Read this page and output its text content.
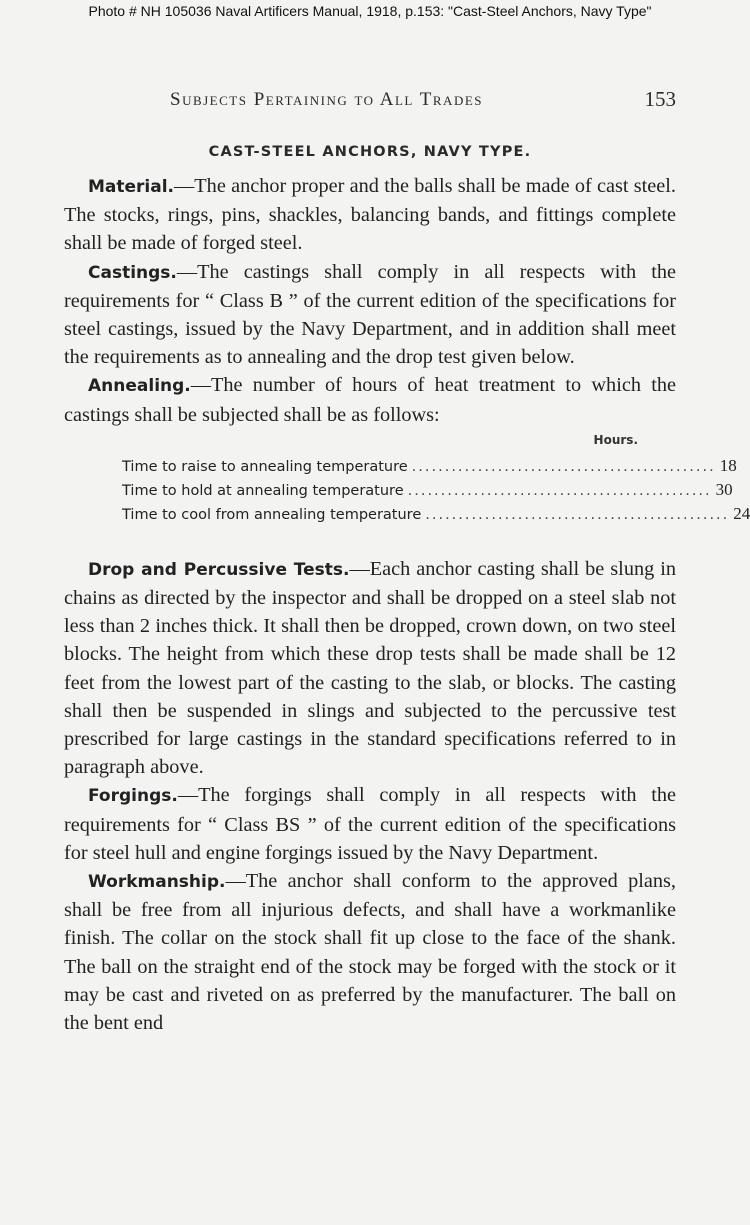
Photo # NH 105036 Naval Artificers Manual, 1918, p.153: "Cast-Steel Anchors, Navy Type"
Subjects Pertaining to All Trades	153
CAST-STEEL ANCHORS, NAVY TYPE.

Material.—The anchor proper and the balls shall be made of cast steel. The stocks, rings, pins, shackles, balancing bands, and fittings complete shall be made of forged steel.

Castings.—The castings shall comply in all respects with the requirements for “ Class B ” of the current edition of the specifications for steel castings, issued by the Navy Department, and in addition shall meet the requirements as to annealing and the drop test given below.

Annealing.—The number of hours of heat treatment to which the castings shall be subjected shall be as follows:

Hours.
Time to raise to annealing temperature .............................................. 18
Time to hold at annealing temperature .............................................. 30
Time to cool from annealing temperature .............................................. 24

Drop and Percussive Tests.—Each anchor casting shall be slung in chains as directed by the inspector and shall be dropped on a steel slab not less than 2 inches thick. It shall then be dropped, crown down, on two steel blocks. The height from which these drop tests shall be made shall be 12 feet from the lowest part of the casting to the slab, or blocks. The casting shall then be suspended in slings and subjected to the percussive test prescribed for large castings in the standard specifications referred to in paragraph above.

Forgings.—The forgings shall comply in all respects with the requirements for “ Class BS ” of the current edition of the specifications for steel hull and engine forgings issued by the Navy Department.

Workmanship.—The anchor shall conform to the approved plans, shall be free from all injurious defects, and shall have a workmanlike finish. The collar on the stock shall fit up close to the face of the shank. The ball on the straight end of the stock may be forged with the stock or it may be cast and riveted on as preferred by the manufacturer. The ball on the bent end
